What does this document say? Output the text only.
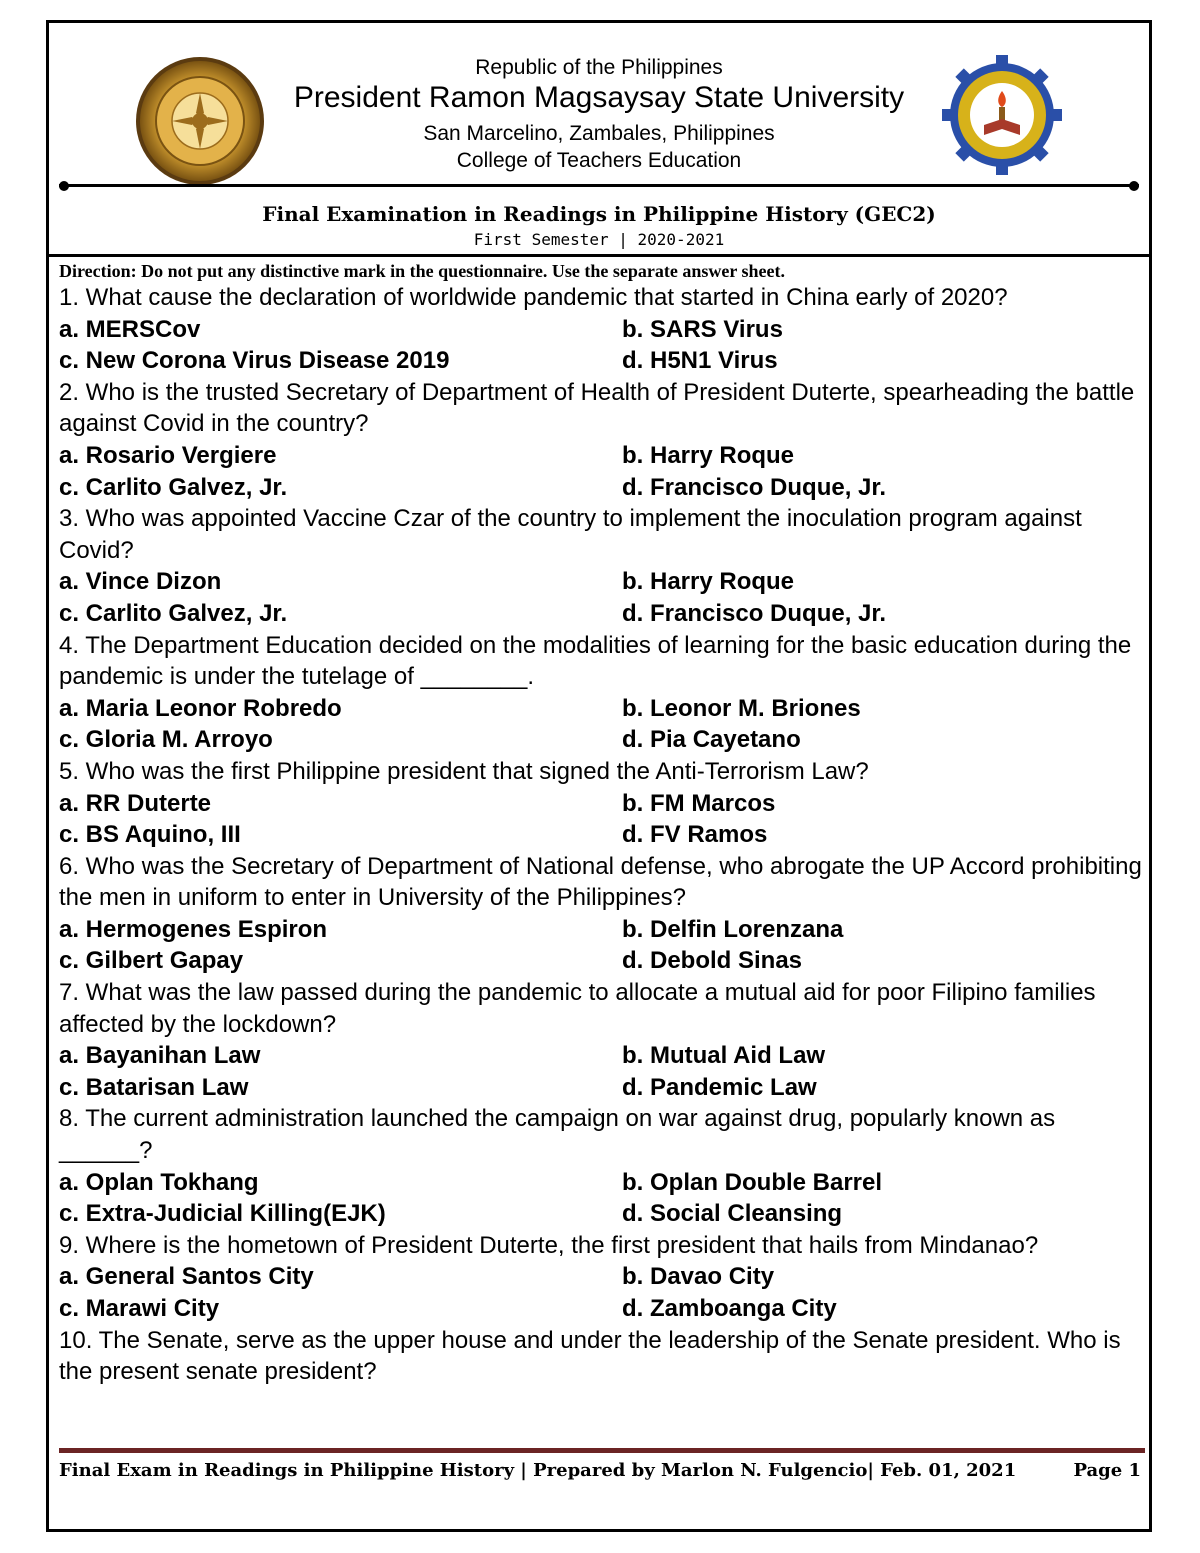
Republic of the Philippines
President Ramon Magsaysay State University
San Marcelino, Zambales, Philippines
College of Teachers Education
Final Examination in Readings in Philippine History (GEC2)
First Semester | 2020-2021
Direction: Do not put any distinctive mark in the questionnaire. Use the separate answer sheet.
1. What cause the declaration of worldwide pandemic that started in China early of 2020?
a. MERSCov	b. SARS Virus
c. New Corona Virus Disease 2019	d. H5N1 Virus
2. Who is the trusted Secretary of Department of Health of President Duterte, spearheading the battle against Covid in the country?
a. Rosario Vergiere	b. Harry Roque
c. Carlito Galvez, Jr.	d. Francisco Duque, Jr.
3. Who was appointed Vaccine Czar of the country to implement the inoculation program against Covid?
a. Vince Dizon	b. Harry Roque
c. Carlito Galvez, Jr.	d. Francisco Duque, Jr.
4. The Department Education decided on the modalities of learning for the basic education during the pandemic is under the tutelage of ________.
a. Maria Leonor Robredo	b. Leonor M. Briones
c. Gloria M. Arroyo	d. Pia Cayetano
5. Who was the first Philippine president that signed the Anti-Terrorism Law?
a. RR Duterte	b. FM Marcos
c. BS Aquino, III	d. FV Ramos
6. Who was the Secretary of Department of National defense, who abrogate the UP Accord prohibiting the men in uniform to enter in University of the Philippines?
a. Hermogenes Espiron	b. Delfin Lorenzana
c. Gilbert Gapay	d. Debold Sinas
7. What was the law passed during the pandemic to allocate a mutual aid for poor Filipino families affected by the lockdown?
a. Bayanihan Law	b. Mutual Aid Law
c. Batarisan Law	d. Pandemic Law
8. The current administration launched the campaign on war against drug, popularly known as ______?
a. Oplan Tokhang	b. Oplan Double Barrel
c. Extra-Judicial Killing(EJK)	d. Social Cleansing
9. Where is the hometown of President Duterte, the first president that hails from Mindanao?
a. General Santos City	b. Davao City
c. Marawi City	d. Zamboanga City
10. The Senate, serve as the upper house and under the leadership of the Senate president. Who is the present senate president?
Final Exam in Readings in Philippine History | Prepared by Marlon N. Fulgencio| Feb. 01, 2021	Page 1
